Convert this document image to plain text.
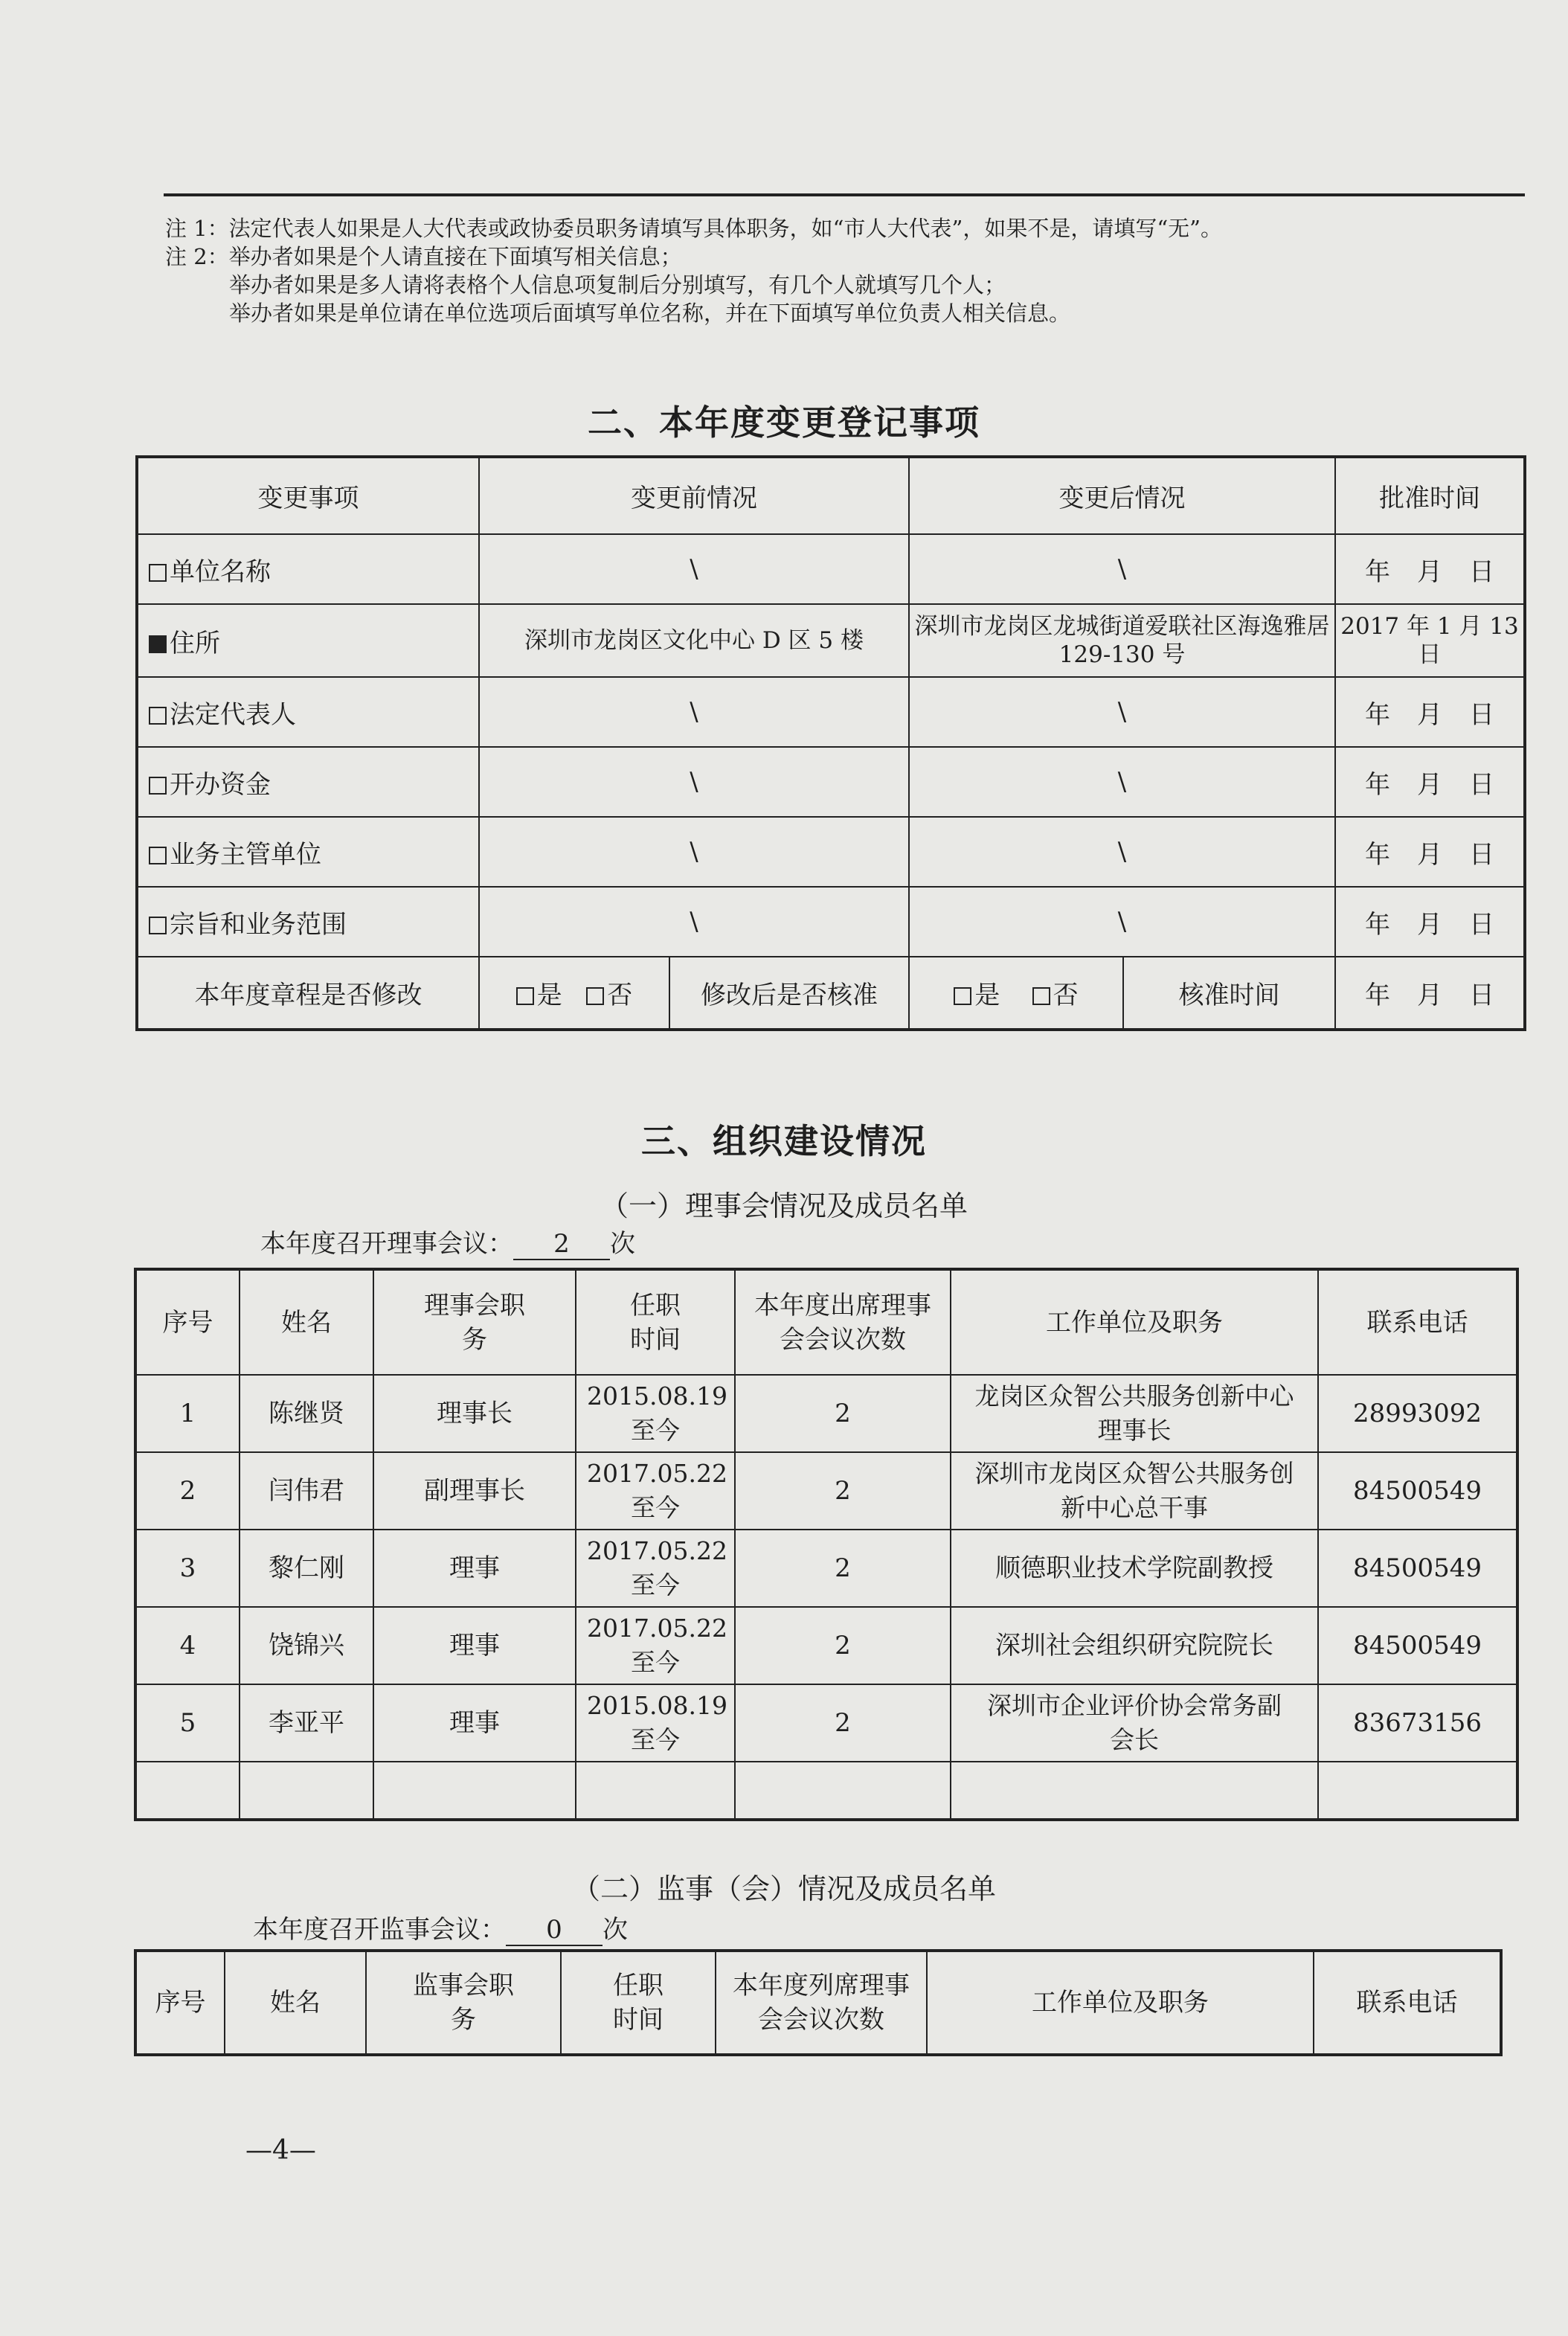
注 1：法定代表人如果是人大代表或政协委员职务请填写具体职务，如“市人大代表”，如果不是，请填写“无”。
注 2：举办者如果是个人请直接在下面填写相关信息；
举办者如果是多人请将表格个人信息项复制后分别填写，有几个人就填写几个人；
举办者如果是单位请在单位选项后面填写单位名称，并在下面填写单位负责人相关信息。
二、本年度变更登记事项
变更事项	变更前情况		变更后情况		批准时间
单位名称	\		\		年 月 日
住所	深圳市龙岗区文化中心 D 区 5 楼		深圳市龙岗区龙城街道爱联社区海逸雅居 129-130 号		2017 年 1 月 13 日
法定代表人	\		\		年 月 日
开办资金	\		\		年 月 日
业务主管单位	\		\		年 月 日
宗旨和业务范围	\		\		年 月 日
本年度章程是否修改	是 否	修改后是否核准	是 否	核准时间	年 月 日
三、组织建设情况
（一）理事会情况及成员名单
本年度召开理事会议： 2 次
序号	姓名	理事会职务	任职时间	本年度出席理事会会议次数	工作单位及职务	联系电话
1	陈继贤	理事长	2015.08.19 至今	2	龙岗区众智公共服务创新中心理事长	28993092
2	闫伟君	副理事长	2017.05.22 至今	2	深圳市龙岗区众智公共服务创新中心总干事	84500549
3	黎仁刚	理事	2017.05.22 至今	2	顺德职业技术学院副教授	84500549
4	饶锦兴	理事	2017.05.22 至今	2	深圳社会组织研究院院长	84500549
5	李亚平	理事	2015.08.19 至今	2	深圳市企业评价协会常务副会长	83673156

（二）监事（会）情况及成员名单
本年度召开监事会议： 0 次
序号	姓名	监事会职务	任职时间	本年度列席理事会会议次数	工作单位及职务	联系电话
—4—
